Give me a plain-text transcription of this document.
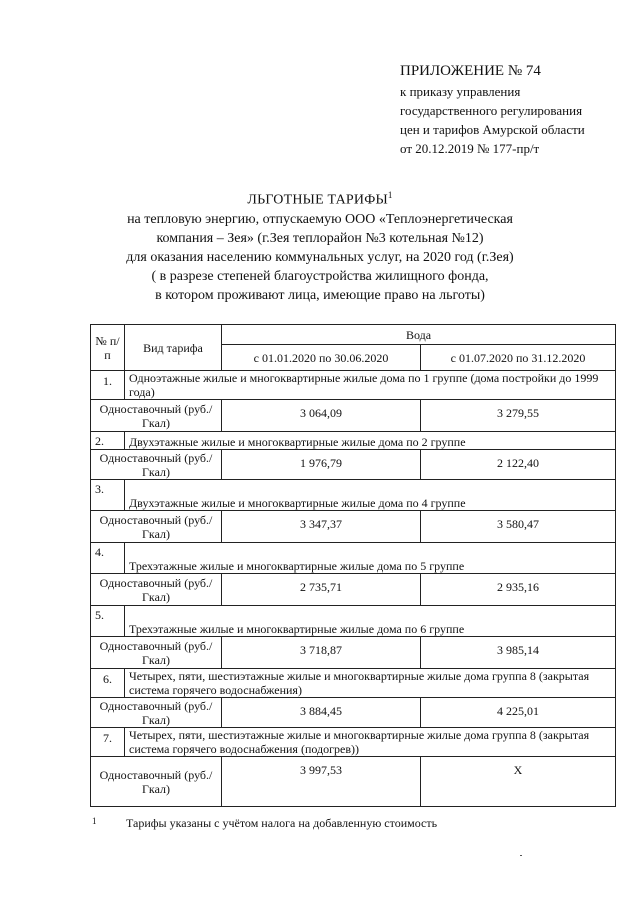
ПРИЛОЖЕНИЕ № 74
к приказу управления
государственного регулирования
цен и тарифов Амурской области
от 20.12.2019 № 177-пр/т
ЛЬГОТНЫЕ ТАРИФЫ$^1$
на тепловую энергию, отпускаемую ООО «Теплоэнергетическая
компания – Зея» (г.Зея теплорайон №3 котельная №12)
для оказания населению коммунальных услуг, на 2020 год (г.Зея)
( в разрезе степеней благоустройства жилищного фонда,
в котором проживают лица, имеющие право на льготы)
№ п/п	Вид тарифа	Вода	
		с 01.01.2020 по 30.06.2020	с 01.07.2020 по 31.12.2020
1.	Одноэтажные жилые и многоквартирные жилые дома по 1 группе (дома постройки до 1999 года)		
Одноставочный (руб./Гкал)		3 064,09	3 279,55
2.	Двухэтажные жилые и многоквартирные жилые дома по 2 группе		
Одноставочный (руб./Гкал)		1 976,79	2 122,40
3.	Двухэтажные жилые и многоквартирные жилые дома по 4 группе		
Одноставочный (руб./Гкал)		3 347,37	3 580,47
4.	Трехэтажные жилые и многоквартирные жилые дома по 5 группе		
Одноставочный (руб./Гкал)		2 735,71	2 935,16
5.	Трехэтажные жилые и многоквартирные жилые дома по 6 группе		
Одноставочный (руб./Гкал)		3 718,87	3 985,14
6.	Четырех, пяти, шестиэтажные жилые и многоквартирные жилые дома группа 8 (закрытая система горячего водоснабжения)		
Одноставочный (руб./Гкал)		3 884,45	4 225,01
7.	Четырех, пяти, шестиэтажные жилые и многоквартирные жилые дома группа 8 (закрытая система горячего водоснабжения (подогрев))		
Одноставочный (руб./Гкал)		3 997,53	Х
1 Тарифы указаны с учётом налога на добавленную стоимость
